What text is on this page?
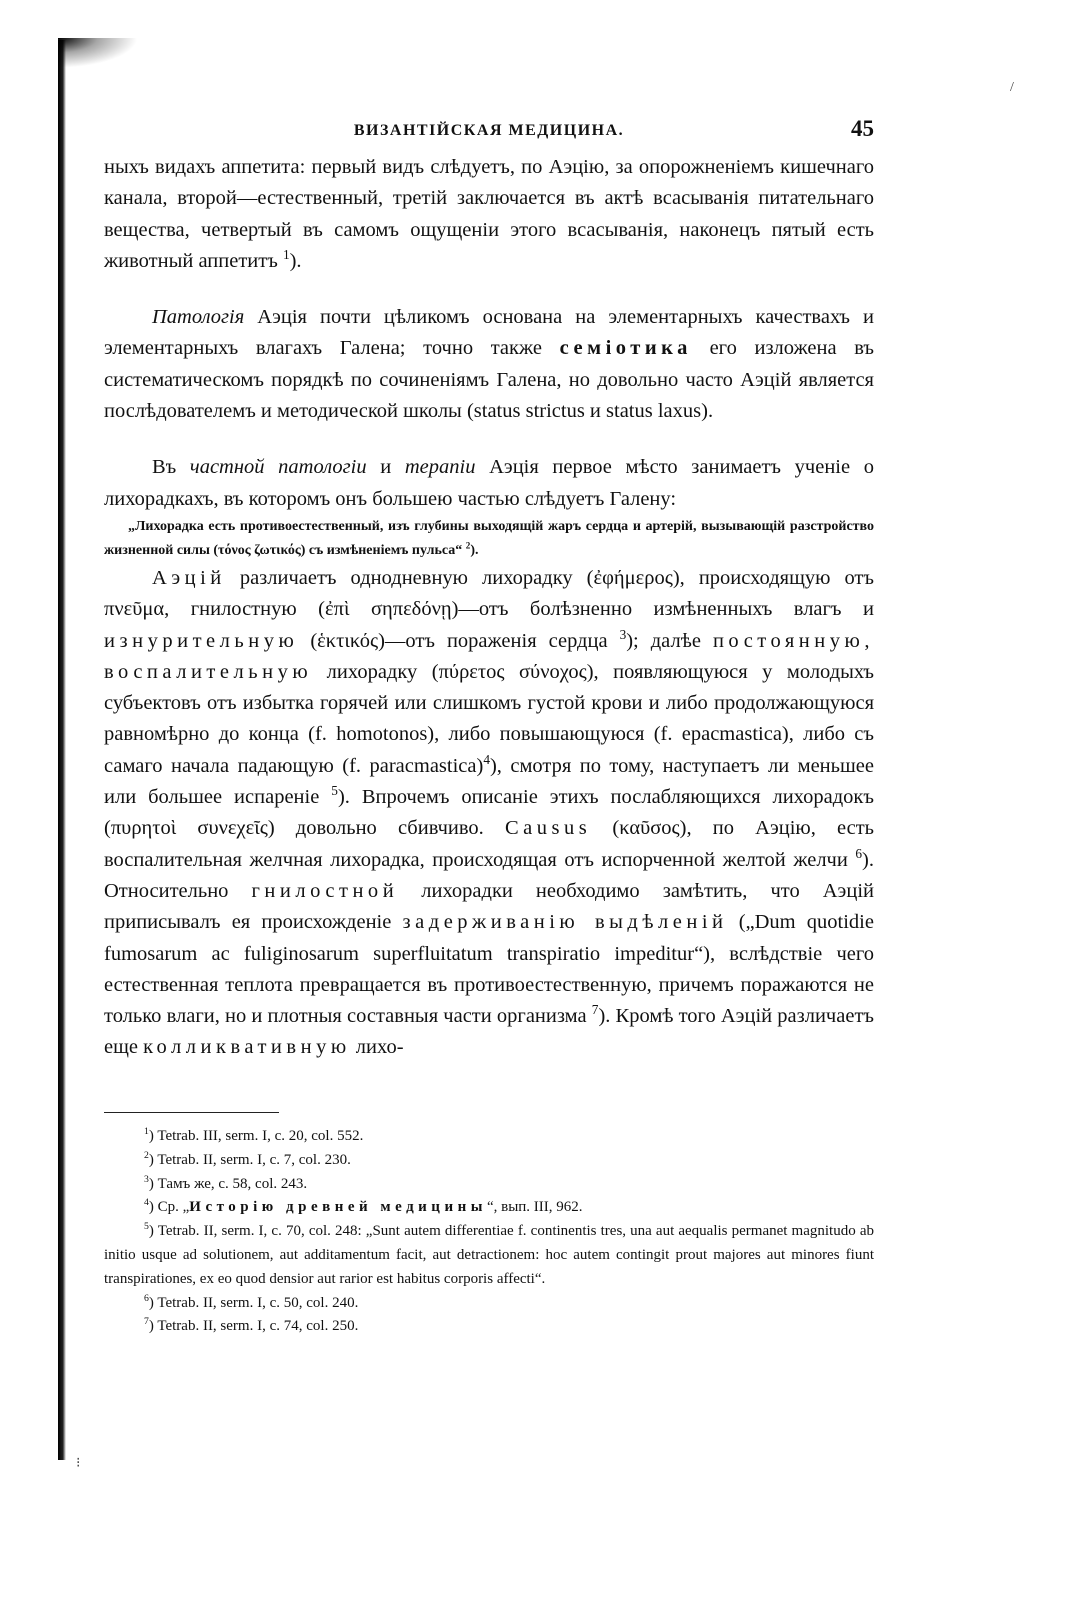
ВИЗАНТІЙСКАЯ МЕДИЦИНА.	45

ныхъ видахъ аппетита: первый видъ слѣдуетъ, по Аэцію, за опорожненіемъ кишечнаго канала, второй—естественный, третій заключается въ актѣ всасыванія питательнаго вещества, четвертый въ самомъ ощущеніи этого всасыванія, наконецъ пятый есть животный аппетитъ $^1$).

Патологія Аэція почти цѣликомъ основана на элементарныхъ качествахъ и элементарныхъ влагахъ Галена; точно также семіотика его изложена въ систематическомъ порядкѣ по сочиненіямъ Галена, но довольно часто Аэцій является послѣдователемъ и методической школы (status strictus и status laxus).

Въ частной патологіи и терапіи Аэція первое мѣсто занимаетъ ученіе о лихорадкахъ, въ которомъ онъ большею частью слѣдуетъ Галену:

„Лихорадка есть противоестественный, изъ глубины выходящій жаръ сердца и артерій, вызывающій разстройство жизненной силы (τόνος ζωτικός) съ измѣненіемъ пульса“ $^2$).

Аэцій различаетъ однодневную лихорадку (ἐφήμερος), происходящую отъ πνεῦμα, гнилостную (ἐπὶ σηπεδόνῃ)—отъ болѣзненно измѣненныхъ влагъ и изнурительную (ἑκτικός)—отъ пораженія сердца $^3$); далѣе постоянную, воспалительную лихорадку (πύρετος σύνοχος), появляющуюся у молодыхъ субъектовъ отъ избытка горячей или слишкомъ густой крови и либо продолжающуюся равномѣрно до конца (f. homotonos), либо повышающуюся (f. epacmastica), либо съ самаго начала падающую (f. paracmastica)$^4$), смотря по тому, наступаетъ ли меньшее или большее испареніе $^5$). Впрочемъ описаніе этихъ послабляющихся лихорадокъ (πυρητοὶ συνεχεῖς) довольно сбивчиво. Causus (καῦσος), по Аэцію, есть воспалительная желчная лихорадка, происходящая отъ испорченной желтой желчи $^6$). Относительно гнилостной лихорадки необходимо замѣтить, что Аэцій приписывалъ ея происхожденіе задерживанію выдѣленій („Dum quotidie fumosarum ac fuliginosarum superfluitatum transpiratio impeditur“), вслѣдствіе чего естественная теплота превращается въ противоестественную, причемъ поражаются не только влаги, но и плотныя составныя части организма $^7$). Кромѣ того Аэцій различаетъ еще колликвативную лихо-

$^1$) Tetrab. III, serm. I, c. 20, col. 552.

$^2$) Tetrab. II, serm. I, c. 7, col. 230.

$^3$) Тамъ же, c. 58, col. 243.

$^4$) Ср. „Исторію древней медицины“, вып. III, 962.

$^5$) Tetrab. II, serm. I, c. 70, col. 248: „Sunt autem differentiae f. continentis tres, una aut aequalis permanet magnitudo ab initio usque ad solutionem, aut additamentum facit, aut detractionem: hoc autem contingit prout majores aut minores fiunt transpirationes, ex eo quod densior aut rarior est habitus corporis affecti“.

$^6$) Tetrab. II, serm. I, c. 50, col. 240.

$^7$) Tetrab. II, serm. I, c. 74, col. 250.

/
⁝
